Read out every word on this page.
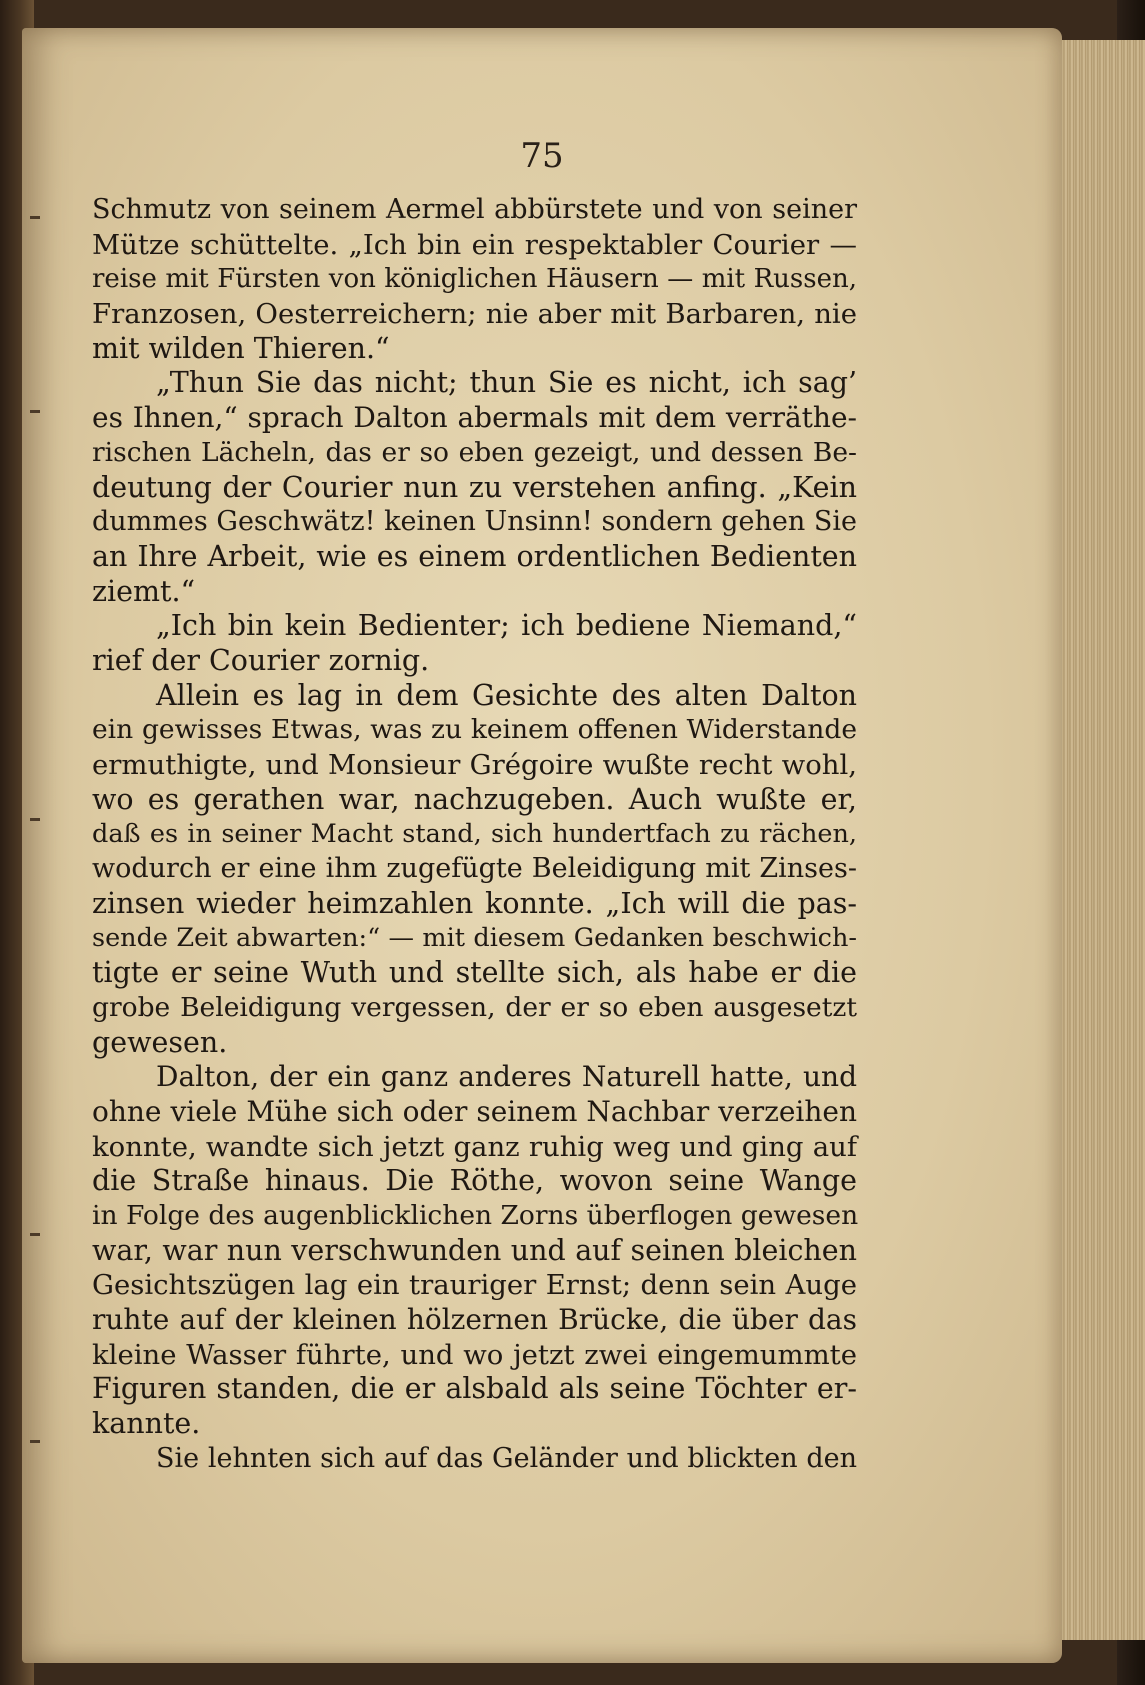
75
Schmutz von seinem Aermel abbürstete und von seiner
Mütze schüttelte. „Ich bin ein respektabler Courier —
reise mit Fürsten von königlichen Häusern — mit Russen,
Franzosen, Oesterreichern; nie aber mit Barbaren, nie
mit wilden Thieren.“
„Thun Sie das nicht; thun Sie es nicht, ich sag’
es Ihnen,“ sprach Dalton abermals mit dem verräthe-
rischen Lächeln, das er so eben gezeigt, und dessen Be-
deutung der Courier nun zu verstehen anfing. „Kein
dummes Geschwätz! keinen Unsinn! sondern gehen Sie
an Ihre Arbeit, wie es einem ordentlichen Bedienten
ziemt.“
„Ich bin kein Bedienter; ich bediene Niemand,“
rief der Courier zornig.
Allein es lag in dem Gesichte des alten Dalton
ein gewisses Etwas, was zu keinem offenen Widerstande
ermuthigte, und Monsieur Grégoire wußte recht wohl,
wo es gerathen war, nachzugeben. Auch wußte er,
daß es in seiner Macht stand, sich hundertfach zu rächen,
wodurch er eine ihm zugefügte Beleidigung mit Zinses-
zinsen wieder heimzahlen konnte. „Ich will die pas-
sende Zeit abwarten:“ — mit diesem Gedanken beschwich-
tigte er seine Wuth und stellte sich, als habe er die
grobe Beleidigung vergessen, der er so eben ausgesetzt
gewesen.
Dalton, der ein ganz anderes Naturell hatte, und
ohne viele Mühe sich oder seinem Nachbar verzeihen
konnte, wandte sich jetzt ganz ruhig weg und ging auf
die Straße hinaus. Die Röthe, wovon seine Wange
in Folge des augenblicklichen Zorns überflogen gewesen
war, war nun verschwunden und auf seinen bleichen
Gesichtszügen lag ein trauriger Ernst; denn sein Auge
ruhte auf der kleinen hölzernen Brücke, die über das
kleine Wasser führte, und wo jetzt zwei eingemummte
Figuren standen, die er alsbald als seine Töchter er-
kannte.
Sie lehnten sich auf das Geländer und blickten den
